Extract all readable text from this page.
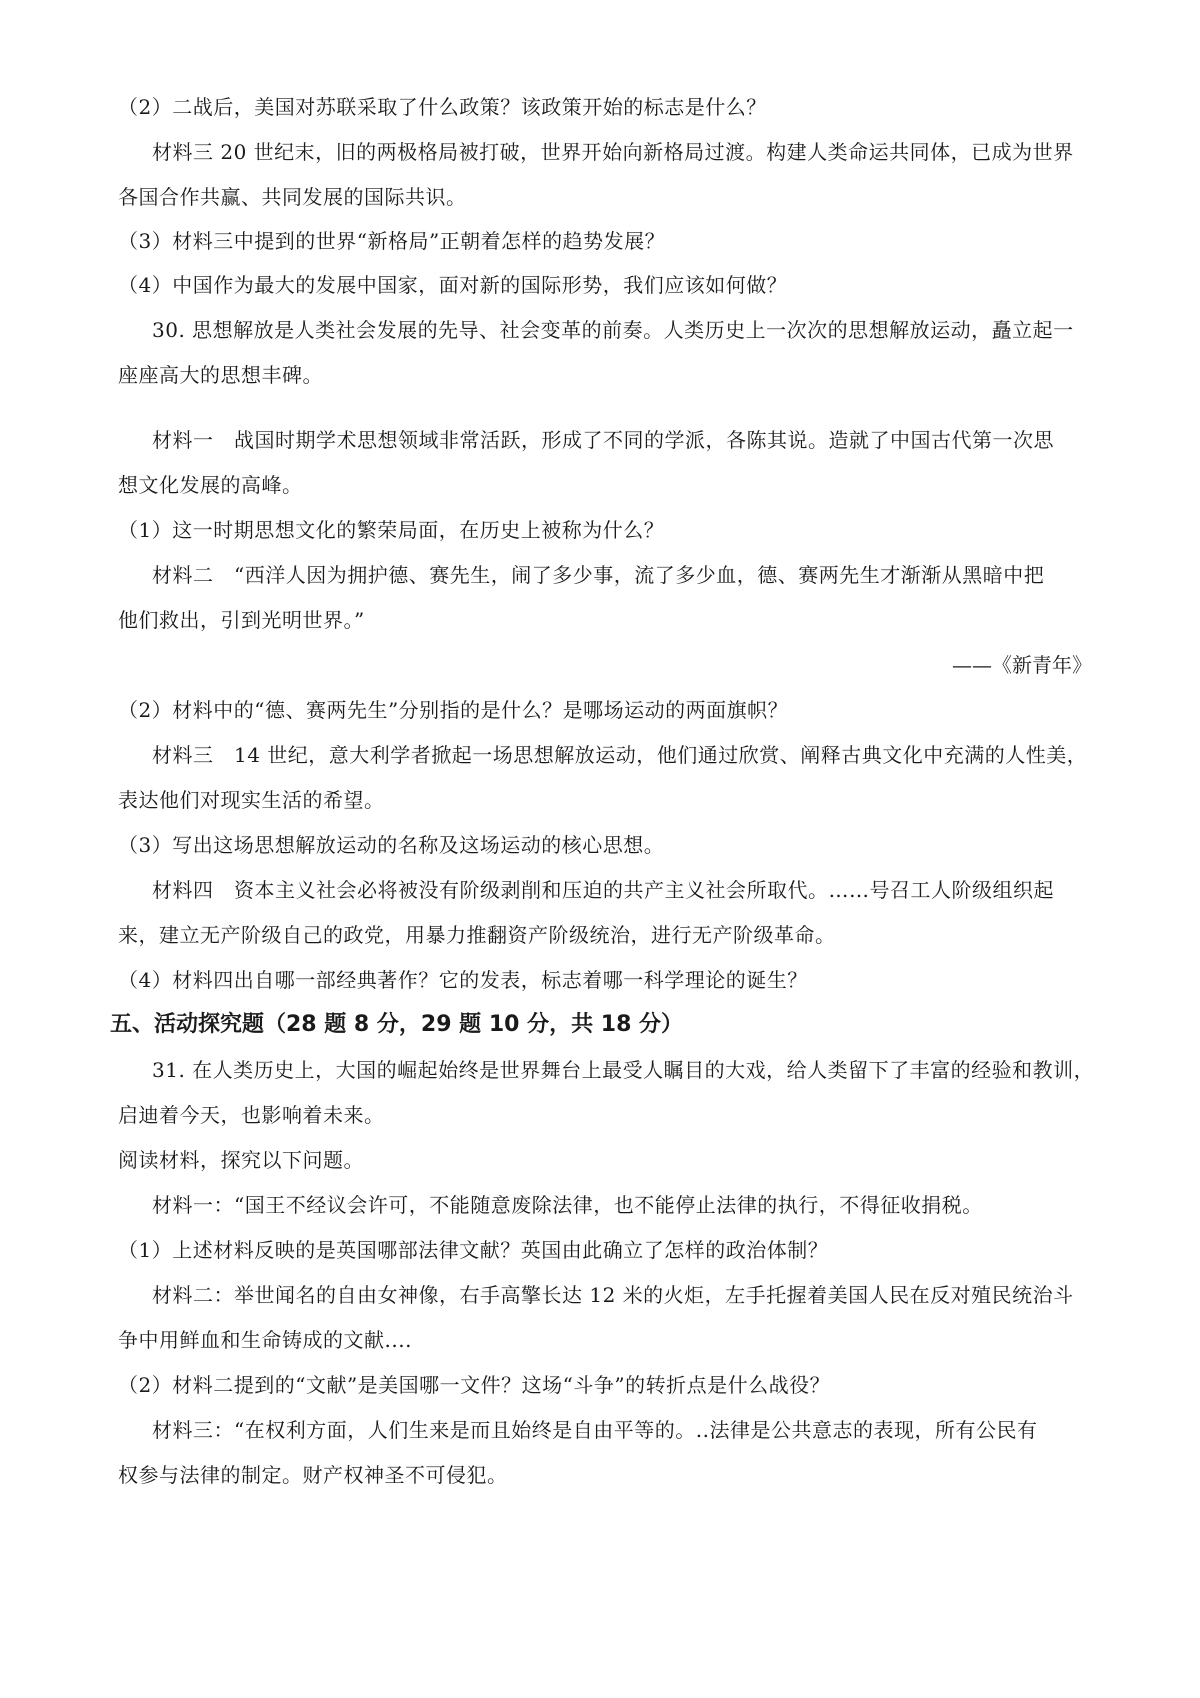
（2）二战后，美国对苏联采取了什么政策？该政策开始的标志是什么？
材料三 20 世纪末，旧的两极格局被打破，世界开始向新格局过渡。构建人类命运共同体，已成为世界
各国合作共赢、共同发展的国际共识。
（3）材料三中提到的世界“新格局”正朝着怎样的趋势发展？
（4）中国作为最大的发展中国家，面对新的国际形势，我们应该如何做？
30. 思想解放是人类社会发展的先导、社会变革的前奏。人类历史上一次次的思想解放运动，矗立起一
座座高大的思想丰碑。
材料一　战国时期学术思想领域非常活跃，形成了不同的学派，各陈其说。造就了中国古代第一次思
想文化发展的高峰。
（1）这一时期思想文化的繁荣局面，在历史上被称为什么？
材料二　“西洋人因为拥护德、赛先生，闹了多少事，流了多少血，德、赛两先生才渐渐从黑暗中把
他们救出，引到光明世界。”
——《新青年》
（2）材料中的“德、赛两先生”分别指的是什么？是哪场运动的两面旗帜？
材料三　14 世纪，意大利学者掀起一场思想解放运动，他们通过欣赏、阐释古典文化中充满的人性美，
表达他们对现实生活的希望。
（3）写出这场思想解放运动的名称及这场运动的核心思想。
材料四　资本主义社会必将被没有阶级剥削和压迫的共产主义社会所取代。……号召工人阶级组织起
来，建立无产阶级自己的政党，用暴力推翻资产阶级统治，进行无产阶级革命。
（4）材料四出自哪一部经典著作？它的发表，标志着哪一科学理论的诞生？
五、活动探究题（28 题 8 分，29 题 10 分，共 18 分）
31. 在人类历史上，大国的崛起始终是世界舞台上最受人瞩目的大戏，给人类留下了丰富的经验和教训，
启迪着今天，也影响着未来。
阅读材料，探究以下问题。
材料一：“国王不经议会许可，不能随意废除法律，也不能停止法律的执行，不得征收捐税。
（1）上述材料反映的是英国哪部法律文献？英国由此确立了怎样的政治体制？
材料二：举世闻名的自由女神像，右手高擎长达 12 米的火炬，左手托握着美国人民在反对殖民统治斗
争中用鲜血和生命铸成的文献....
（2）材料二提到的“文献”是美国哪一文件？这场“斗争”的转折点是什么战役？
材料三：“在权利方面，人们生来是而且始终是自由平等的。..法律是公共意志的表现，所有公民有
权参与法律的制定。财产权神圣不可侵犯。
